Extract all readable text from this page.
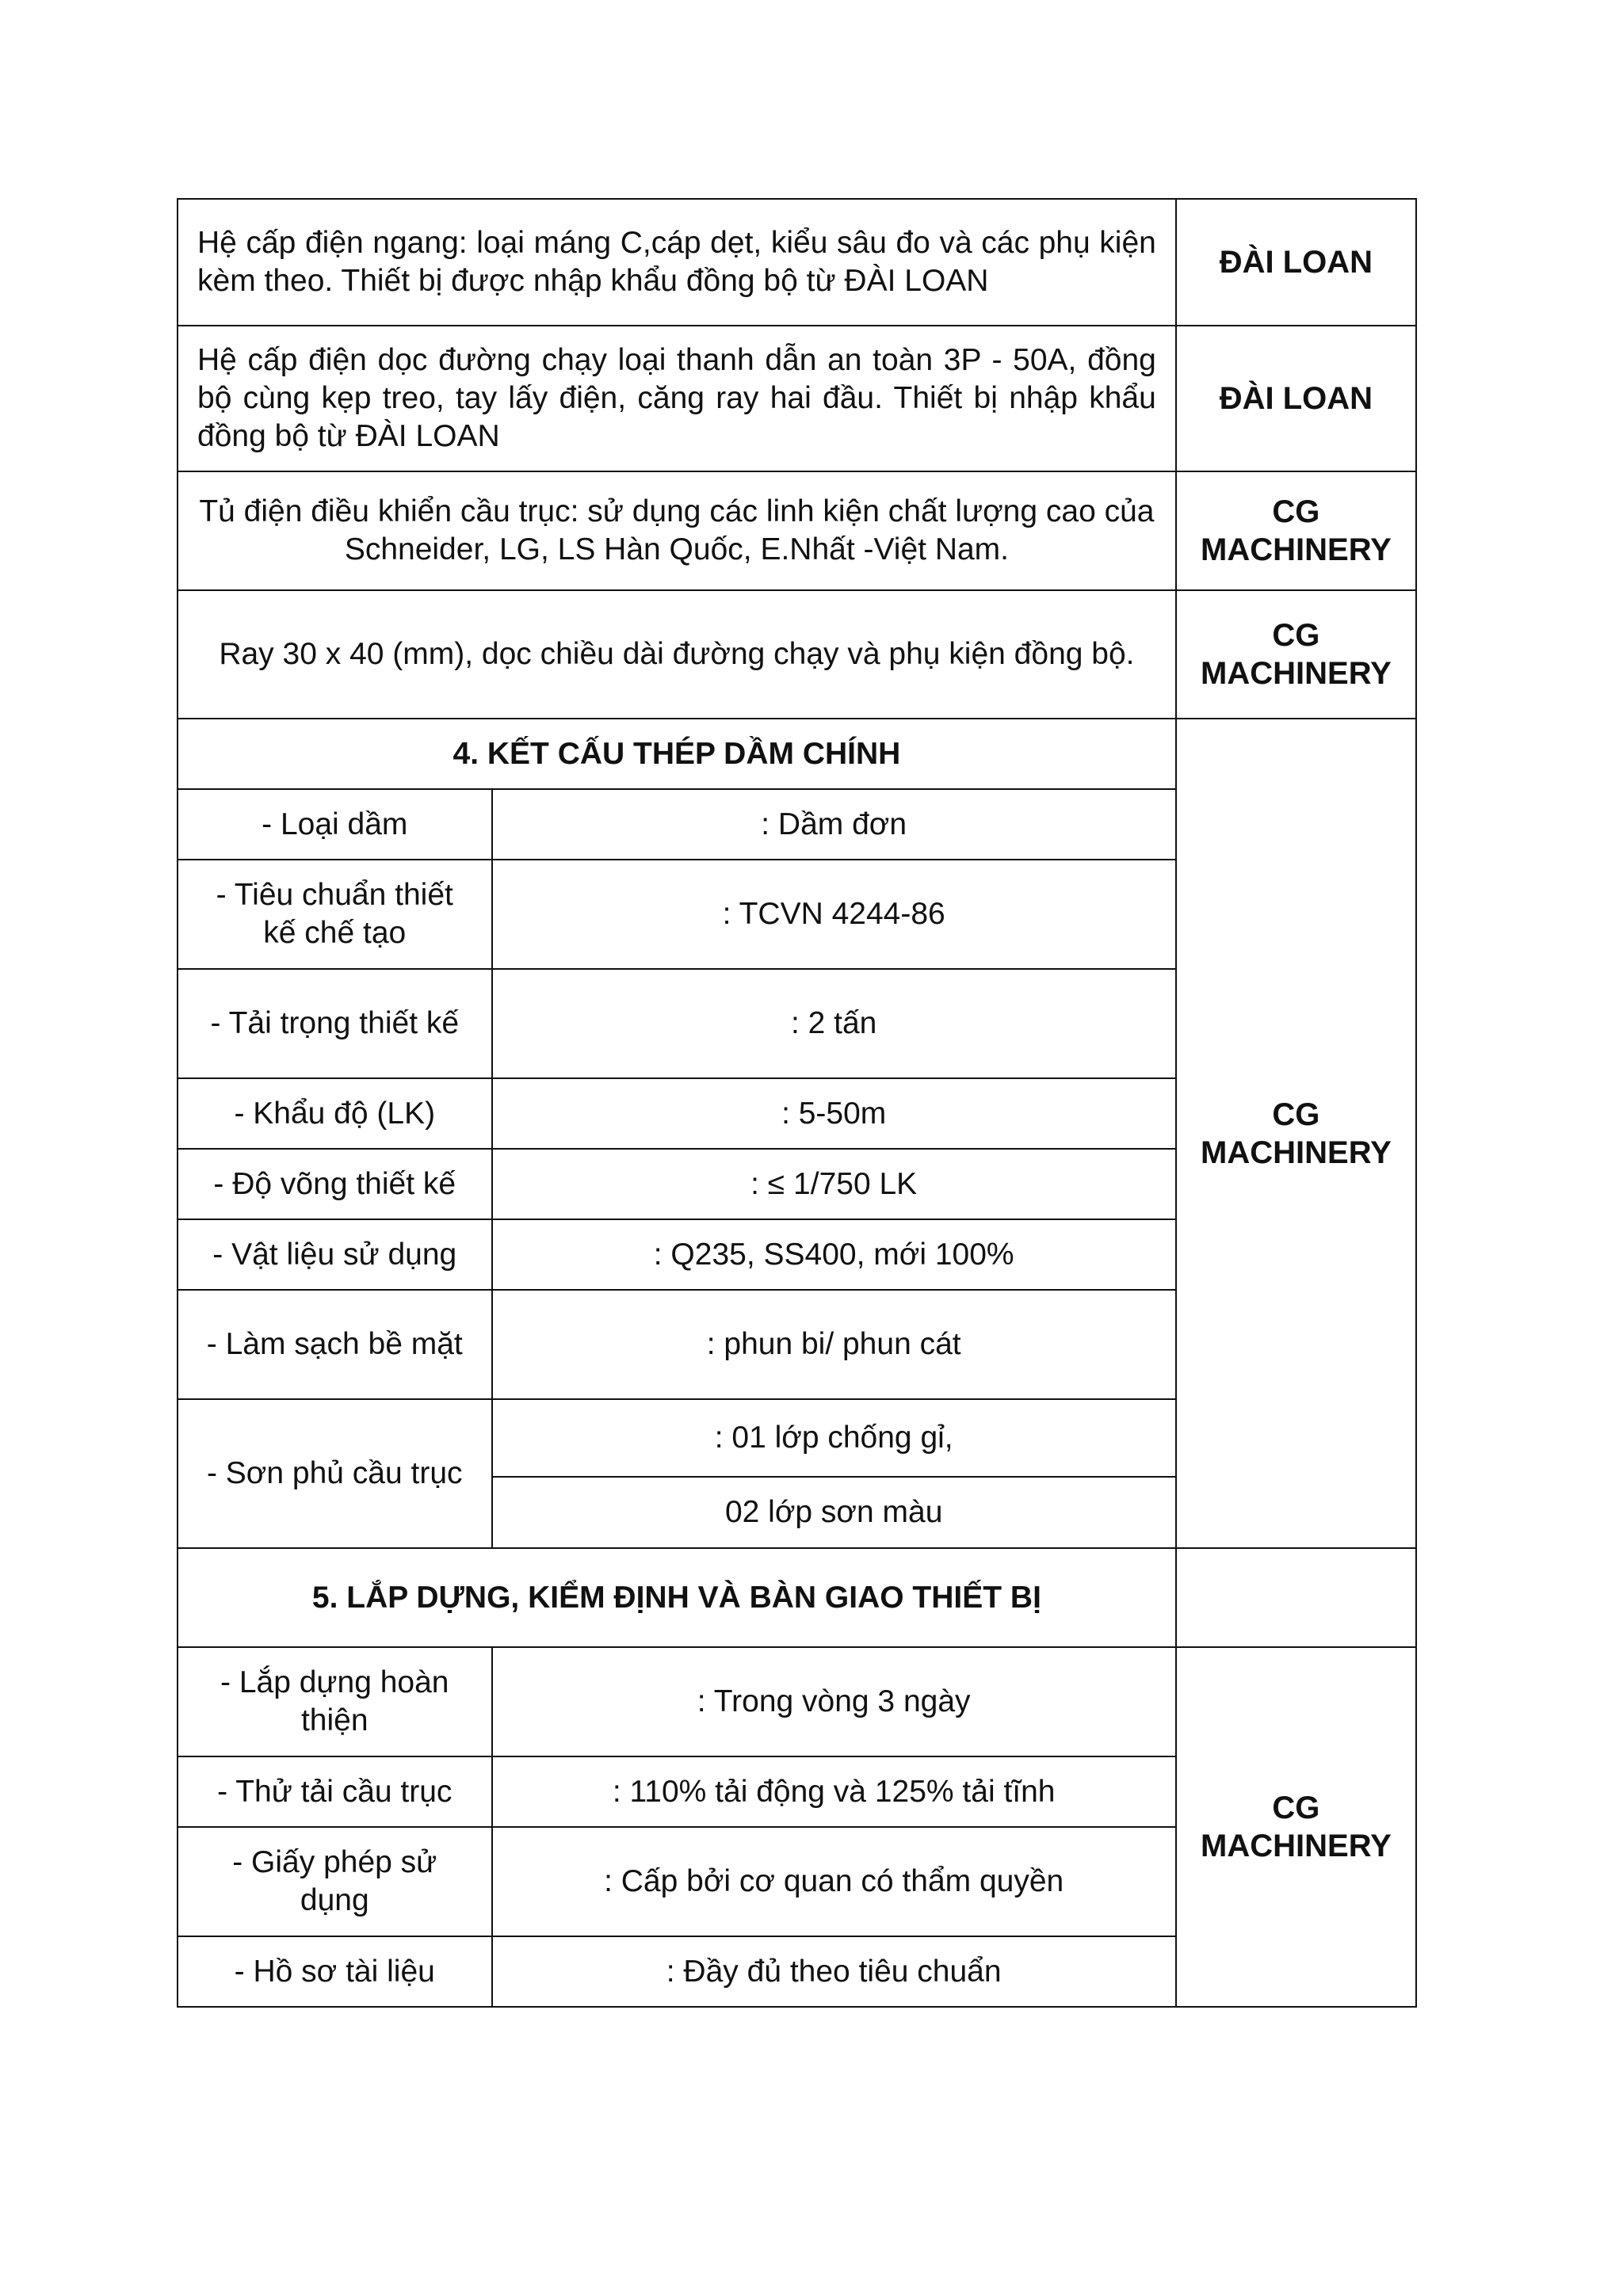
Hệ cấp điện ngang: loại máng C,cáp dẹt, kiểu sâu đo và các phụ kiện kèm theo. Thiết bị được nhập khẩu đồng bộ từ ĐÀI LOAN		ĐÀI LOAN

Hệ cấp điện dọc đường chạy loại thanh dẫn an toàn 3P - 50A, đồng bộ cùng kẹp treo, tay lấy điện, căng ray hai đầu. Thiết bị nhập khẩu đồng bộ từ ĐÀI LOAN		ĐÀI LOAN

Tủ điện điều khiển cầu trục: sử dụng các linh kiện chất lượng cao của Schneider, LG, LS Hàn Quốc, E.Nhất -Việt Nam.		CG
MACHINERY

Ray 30 x 40 (mm), dọc chiều dài đường chạy và phụ kiện đồng bộ.		CG
MACHINERY

4. KẾT CẤU THÉP DẦM CHÍNH		CG
MACHINERY

- Loại dầm	: Dầm đơn	
- Tiêu chuẩn thiết kế chế tạo	: TCVN 4244-86	
- Tải trọng thiết kế	: 2 tấn	
- Khẩu độ (LK)	: 5-50m	
- Độ võng thiết kế	: ≤ 1/750 LK	
- Vật liệu sử dụng	: Q235, SS400, mới 100%	
- Làm sạch bề mặt	: phun bi/ phun cát	
- Sơn phủ cầu trục	: 01 lớp chống gỉ,	
	02 lớp sơn màu	
5. LẮP DỰNG, KIỂM ĐỊNH VÀ BÀN GIAO THIẾT BỊ		
- Lắp dựng hoàn thiện	: Trong vòng 3 ngày	CG
MACHINERY

- Thử tải cầu trục	: 110% tải động và 125% tải tĩnh	
- Giấy phép sử dụng	: Cấp bởi cơ quan có thẩm quyền	
- Hồ sơ tài liệu	: Đầy đủ theo tiêu chuẩn	
